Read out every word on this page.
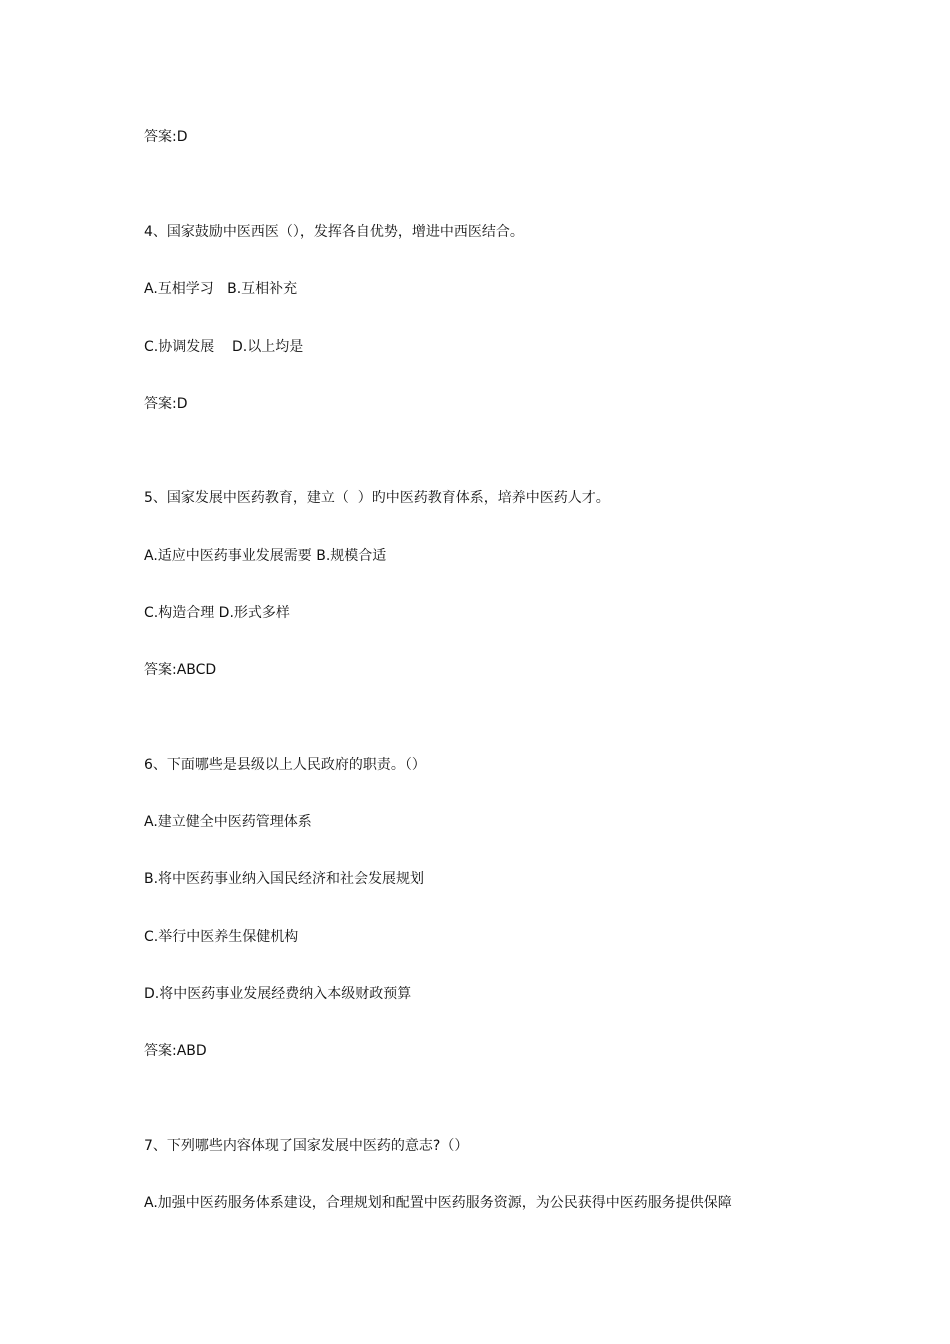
答案:D
4、国家鼓励中医西医（），发挥各自优势，增进中西医结合。
A.互相学习   B.互相补充
C.协调发展    D.以上均是
答案:D
5、国家发展中医药教育，建立（  ）旳中医药教育体系，培养中医药人才。
A.适应中医药事业发展需要 B.规模合适
C.构造合理 D.形式多样
答案:ABCD
6、下面哪些是县级以上人民政府的职责。（）
A.建立健全中医药管理体系
B.将中医药事业纳入国民经济和社会发展规划
C.举行中医养生保健机构
D.将中医药事业发展经费纳入本级财政预算
答案:ABD
7、下列哪些内容体现了国家发展中医药的意志?（）
A.加强中医药服务体系建设，合理规划和配置中医药服务资源，为公民获得中医药服务提供保障
